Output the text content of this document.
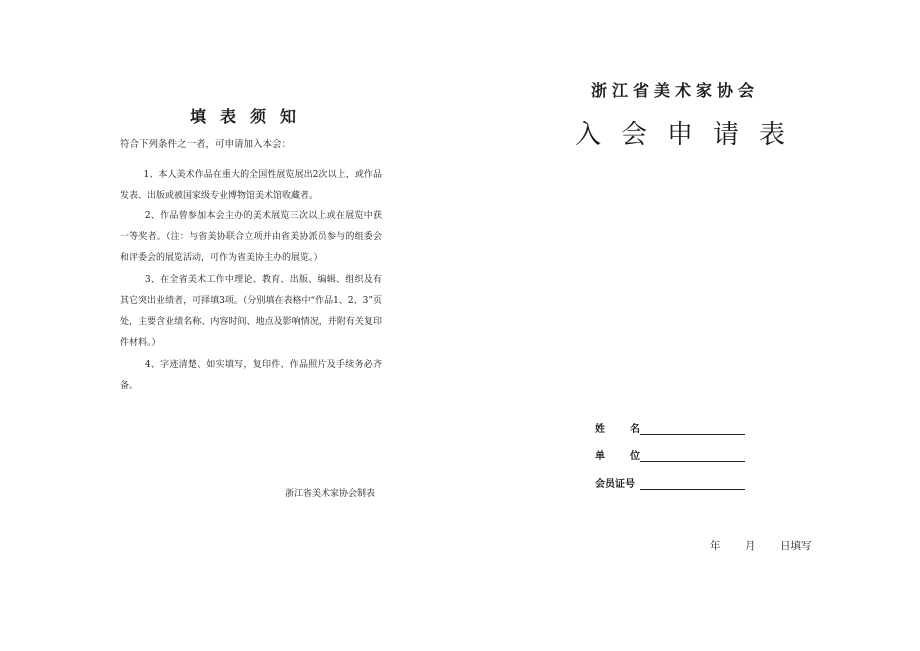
填表须知
符合下列条件之一者，可申请加入本会：
1、本人美术作品在重大的全国性展览展出2次以上，或作品发表、出版或被国家级专业博物馆美术馆收藏者。
2、作品曾参加本会主办的美术展览三次以上或在展览中获一等奖者。（注：与省美协联合立项并由省美协派员参与的组委会和评委会的展览活动，可作为省美协主办的展览。）
3、在全省美术工作中理论、教育、出版、编辑、组织及有其它突出业绩者，可择填3项。（分别填在表格中“作品1、2、3”页处，主要含业绩名称、内容时间、地点及影响情况，并附有关复印件材料。）
4、字迹清楚、如实填写，复印件、作品照片及手续务必齐备。
浙江省美术家协会制表
浙江省美术家协会
入会申请表
姓	名
单	位
会员证号
年	月	日填写
